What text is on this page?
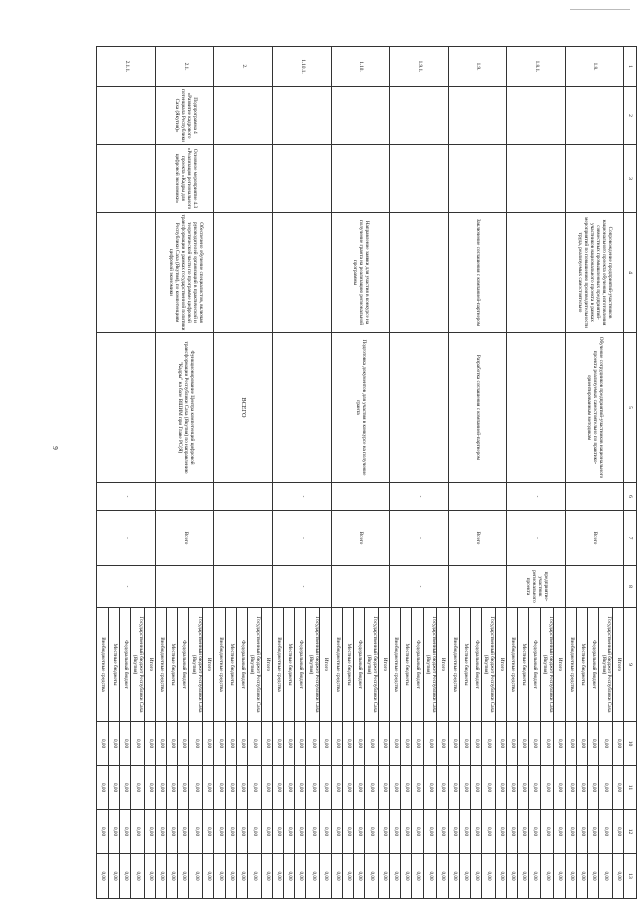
9
1	2	3	4	5	6	7	8	9	10	11	12	13
1.8.			Сопровождение предприятий-участников национального проекта обучения, изготовления совместных промышленных предприятий-участников национального проекта в рамках мероприятий по повышению производительности труда, реализуемых самостоятельно	Обучение сотрудников предприятий-участников национального проекта реализуемых самостоятельно по практико-ориентированным методикам		Всего		Итого	0,00	0,00	0,00	0,00
								Государственный бюджет Республики Саха (Якутия)	0,00	0,00	0,00	0,00
								Федеральный бюджет	0,00	0,00	0,00	0,00
								Местные бюджеты	0,00	0,00	0,00	0,00
								Внебюджетные средства	0,00	0,00	0,00	0,00
1.8.1.					-	-	предприятие-участник регионального проекта	Итого	0,00	0,00	0,00	0,00
								Государственный бюджет Республики Саха (Якутия)	0,00	0,00	0,00	0,00
								Федеральный бюджет	0,00	0,00	0,00	0,00
								Местные бюджеты	0,00	0,00	0,00	0,00
								Внебюджетные средства	0,00	0,00	0,00	0,00
1.9.			Заключение соглашения с компанией-партнером	Разработка соглашения с компанией-партнером		Всего		Итого	0,00	0,00	0,00	0,00
								Государственный бюджет Республики Саха (Якутия)	0,00	0,00	0,00	0,00
								Федеральный бюджет	0,00	0,00	0,00	0,00
								Местные бюджеты	0,00	0,00	0,00	0,00
								Внебюджетные средства	0,00	0,00	0,00	0,00
1.9.1.					-	-	-	Итого	0,00	0,00	0,00	0,00
								Государственный бюджет Республики Саха (Якутия)	0,00	0,00	0,00	0,00
								Федеральный бюджет	0,00	0,00	0,00	0,00
								Местные бюджеты	0,00	0,00	0,00	0,00
								Внебюджетные средства	0,00	0,00	0,00	0,00
1.10.			Направление заявки для участия в конкурсе на получение гранта на реализацию региональной программы	Подготовка документов для участия в конкурсе на получение гранта		Всего		Итого	0,00	0,00	0,00	0,00
								Государственный бюджет Республики Саха (Якутия)	0,00	0,00	0,00	0,00
								Федеральный бюджет	0,00	0,00	0,00	0,00
								Местные бюджеты	0,00	0,00	0,00	0,00
								Внебюджетные средства	0,00	0,00	0,00	0,00
1.10.1.					-	-	-	Итого	0,00	0,00	0,00	0,00
								Государственный бюджет Республики Саха (Якутия)	0,00	0,00	0,00	0,00
								Федеральный бюджет	0,00	0,00	0,00	0,00
								Местные бюджеты	0,00	0,00	0,00	0,00
								Внебюджетные средства	0,00	0,00	0,00	0,00
2.				ВСЕГО				Итого	0,00	0,00	0,00	0,00
								Государственный бюджет Республики Саха (Якутия)	0,00	0,00	0,00	0,00
								Федеральный бюджет	0,00	0,00	0,00	0,00
								Местные бюджеты	0,00	0,00	0,00	0,00
								Внебюджетные средства	0,00	0,00	0,00	0,00
2.1.	Подпрограмма 4 «Развитие кадрового потенциала Республики Саха (Якутия)»	Основное мероприятие 4.3 «Реализация регионального проекта «Кадры для цифровой экономики»	Обеспечено обучение специалистов, включая руководителей организаций в практической и теоретической части по программе цифровой трансформации в рамках государственной политики Республики Саха (Якутия), по компетенциям цифровой экономики	Функционирование Центра компетенций цифровой трансформации Республики Саха (Якутия) по направлению "Кадры" на базе ВШИМ при Главе РС(Я)		Всего		Итого	0,00	0,00	0,00	0,00
								Государственный бюджет Республики Саха (Якутия)	0,00	0,00	0,00	0,00
								Федеральный бюджет	0,00	0,00	0,00	0,00
								Местные бюджеты	0,00	0,00	0,00	0,00
								Внебюджетные средства	0,00	0,00	0,00	0,00
2.1.1.					-	-	-	Итого	0,00	0,00	0,00	0,00
								Государственный бюджет Республики Саха (Якутия)	0,00	0,00	0,00	0,00
								Федеральный бюджет	0,00	0,00	0,00	0,00
								Местные бюджеты	0,00	0,00	0,00	0,00
								Внебюджетные средства	0,00	0,00	0,00	0,00
